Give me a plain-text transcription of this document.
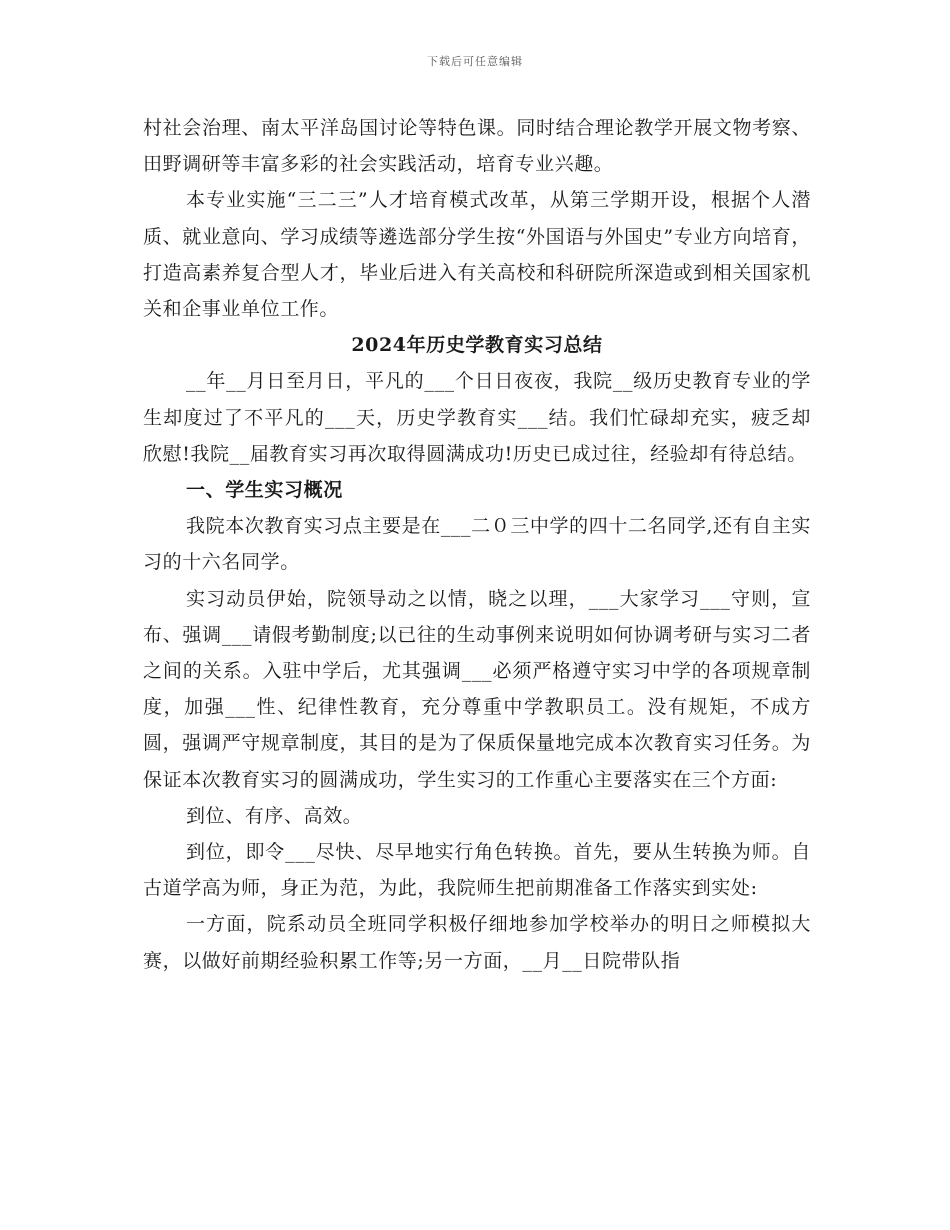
下载后可任意编辑

村社会治理、南太平洋岛国讨论等特色课。同时结合理论教学开展文物考察、田野调研等丰富多彩的社会实践活动，培育专业兴趣。

本专业实施“三二三”人才培育模式改革，从第三学期开设，根据个人潜质、就业意向、学习成绩等遴选部分学生按“外国语与外国史”专业方向培育，打造高素养复合型人才，毕业后进入有关高校和科研院所深造或到相关国家机关和企事业单位工作。

2024年历史学教育实习总结

__年__月日至月日，平凡的___个日日夜夜，我院__级历史教育专业的学生却度过了不平凡的___天，历史学教育实___结。我们忙碌却充实，疲乏却欣慰!我院__届教育实习再次取得圆满成功!历史已成过往，经验却有待总结。

一、学生实习概况

我院本次教育实习点主要是在___二０三中学的四十二名同学,还有自主实习的十六名同学。

实习动员伊始，院领导动之以情，晓之以理，___大家学习___守则，宣布、强调___请假考勤制度;以已往的生动事例来说明如何协调考研与实习二者之间的关系。入驻中学后，尤其强调___必须严格遵守实习中学的各项规章制度，加强___性、纪律性教育，充分尊重中学教职员工。没有规矩，不成方圆，强调严守规章制度，其目的是为了保质保量地完成本次教育实习任务。为保证本次教育实习的圆满成功，学生实习的工作重心主要落实在三个方面:

到位、有序、高效。

到位，即令___尽快、尽早地实行角色转换。首先，要从生转换为师。自古道学高为师，身正为范，为此，我院师生把前期准备工作落实到实处:

一方面，院系动员全班同学积极仔细地参加学校举办的明日之师模拟大赛，以做好前期经验积累工作等;另一方面，__月__日院带队指
